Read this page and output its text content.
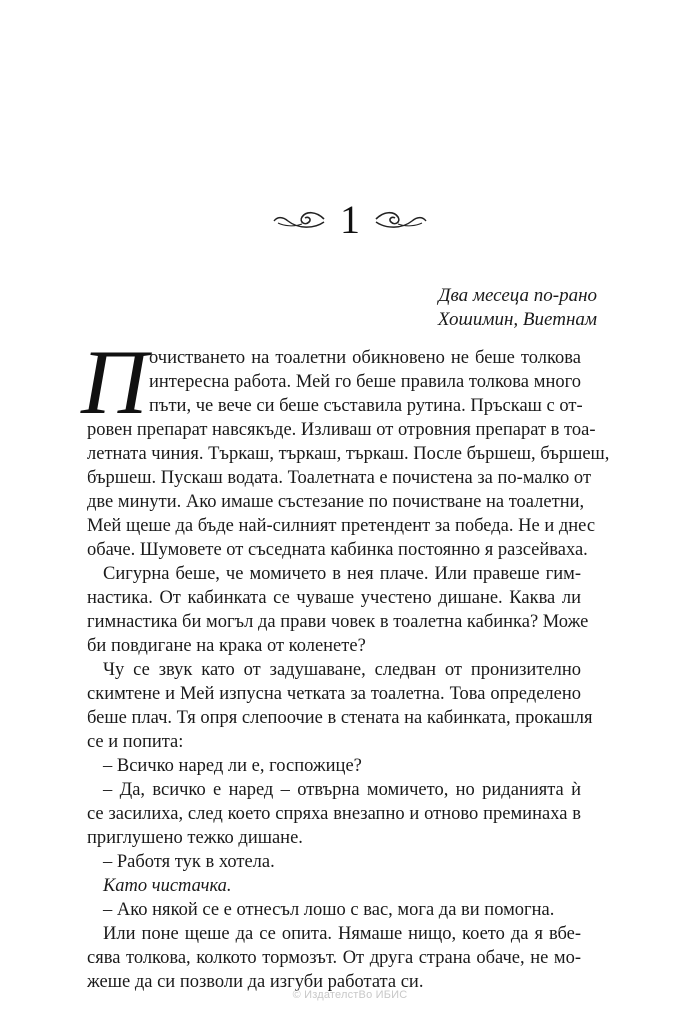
1
Два месеца по-рано
Хошимин, Виетнам
П очистването на тоалетни обикновено не беше толкова
интересна работа. Мей го беше правила толкова много
пъти, че вече си беше съставила рутина. Пръскаш с от-
ровен препарат навсякъде. Изливаш от отровния препарат в тоа-
летната чиния. Търкаш, търкаш, търкаш. После бършеш, бършеш,
бършеш. Пускаш водата. Тоалетната е почистена за по-малко от
две минути. Ако имаше състезание по почистване на тоалетни,
Мей щеше да бъде най-силният претендент за победа. Не и днес
обаче. Шумовете от съседната кабинка постоянно я разсейваха.
Сигурна беше, че момичето в нея плаче. Или правеше гим-
настика. От кабинката се чуваше учестено дишане. Каква ли
гимнастика би могъл да прави човек в тоалетна кабинка? Може
би повдигане на крака от коленете?
Чу се звук като от задушаване, следван от пронизително
скимтене и Мей изпусна четката за тоалетна. Това определено
беше плач. Тя опря слепоочие в стената на кабинката, прокашля
се и попита:
– Всичко наред ли е, госпожице?
– Да, всичко е наред – отвърна момичето, но риданията ѝ
се засилиха, след което спряха внезапно и отново преминаха в
приглушено тежко дишане.
– Работя тук в хотела.
Като чистачка.
– Ако някой се е отнесъл лошо с вас, мога да ви помогна.
Или поне щеше да се опита. Нямаше нищо, което да я вбе-
сява толкова, колкото тормозът. От друга страна обаче, не мо-
жеше да си позволи да изгуби работата си.
© ИздателстВо ИБИС
